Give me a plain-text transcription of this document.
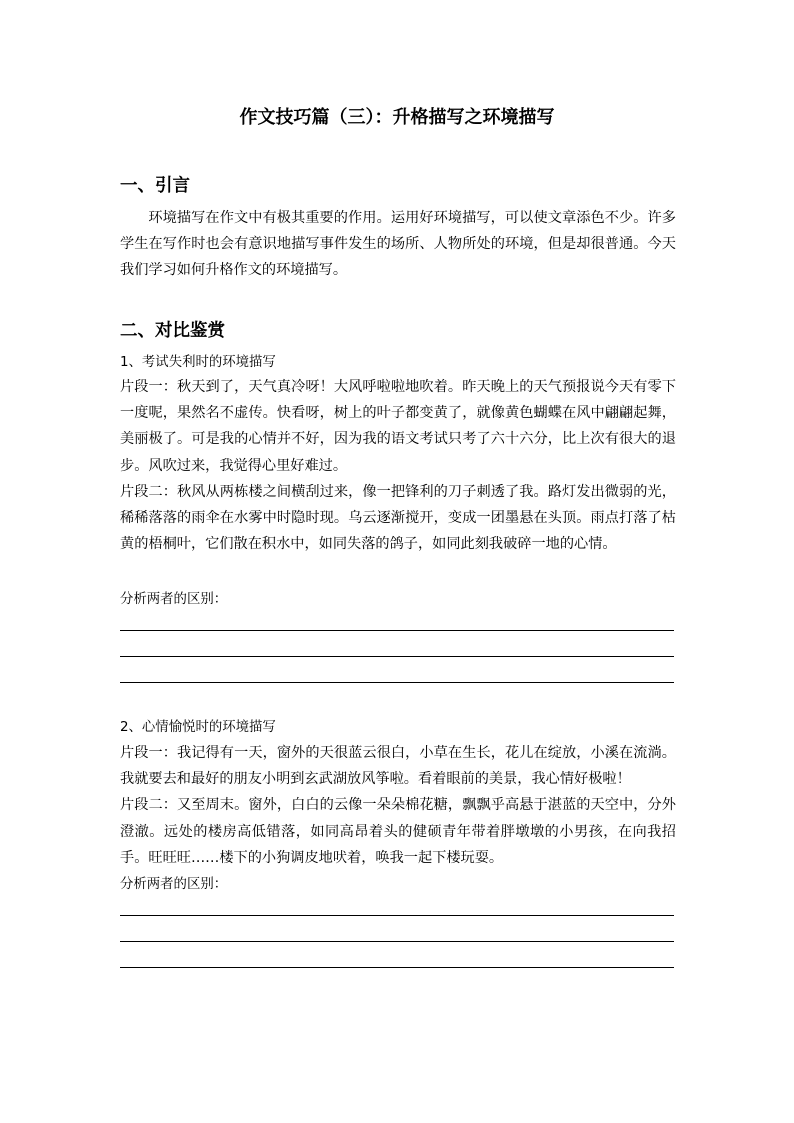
作文技巧篇（三）：升格描写之环境描写
一、引言

环境描写在作文中有极其重要的作用。运用好环境描写，可以使文章添色不少。许多学生在写作时也会有意识地描写事件发生的场所、人物所处的环境，但是却很普通。今天我们学习如何升格作文的环境描写。

二、对比鉴赏
1、考试失利时的环境描写

片段一：秋天到了，天气真冷呀！大风呼啦啦地吹着。昨天晚上的天气预报说今天有零下一度呢，果然名不虚传。快看呀，树上的叶子都变黄了，就像黄色蝴蝶在风中翩翩起舞，美丽极了。可是我的心情并不好，因为我的语文考试只考了六十六分，比上次有很大的退步。风吹过来，我觉得心里好难过。

片段二：秋风从两栋楼之间横刮过来，像一把锋利的刀子刺透了我。路灯发出微弱的光，稀稀落落的雨伞在水雾中时隐时现。乌云逐渐搅开，变成一团墨悬在头顶。雨点打落了枯黄的梧桐叶，它们散在积水中，如同失落的鸽子，如同此刻我破碎一地的心情。

分析两者的区别：
2、心情愉悦时的环境描写

片段一：我记得有一天，窗外的天很蓝云很白，小草在生长，花儿在绽放，小溪在流淌。我就要去和最好的朋友小明到玄武湖放风筝啦。看着眼前的美景，我心情好极啦！

片段二：又至周末。窗外，白白的云像一朵朵棉花糖，飘飘乎高悬于湛蓝的天空中，分外澄澈。远处的楼房高低错落，如同高昂着头的健硕青年带着胖墩墩的小男孩，在向我招手。旺旺旺……楼下的小狗调皮地吠着，唤我一起下楼玩耍。

分析两者的区别：
